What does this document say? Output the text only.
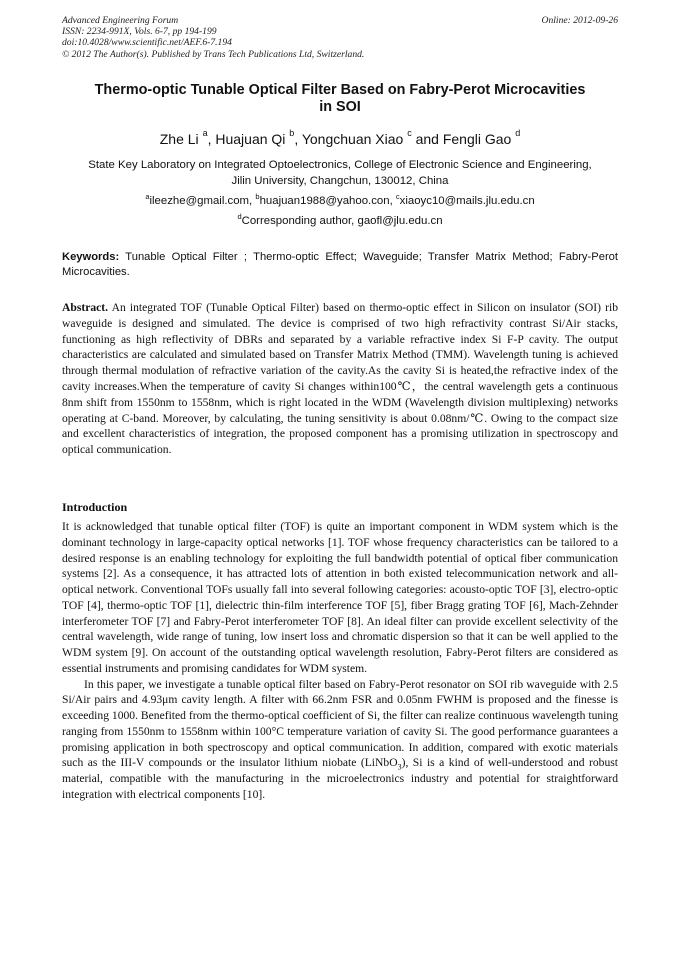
Advanced Engineering Forum
ISSN: 2234-991X, Vols. 6-7, pp 194-199
doi:10.4028/www.scientific.net/AEF.6-7.194
© 2012 The Author(s). Published by Trans Tech Publications Ltd, Switzerland.
Online: 2012-09-26
Thermo-optic Tunable Optical Filter Based on Fabry-Perot Microcavities
in SOI
Zhe Li $^a$, Huajuan Qi $^b$, Yongchuan Xiao $^c$ and Fengli Gao $^d$
State Key Laboratory on Integrated Optoelectronics, College of Electronic Science and Engineering,
Jilin University, Changchun, 130012, China
$^a$ileezhe@gmail.com, $^b$huajuan1988@yahoo.con, $^c$xiaoyc10@mails.jlu.edu.cn
$^d$Corresponding author, gaofl@jlu.edu.cn
Keywords: Tunable Optical Filter ; Thermo-optic Effect; Waveguide; Transfer Matrix Method; Fabry-Perot Microcavities.
Abstract. An integrated TOF (Tunable Optical Filter) based on thermo-optic effect in Silicon on insulator (SOI) rib waveguide is designed and simulated. The device is comprised of two high refractivity contrast Si/Air stacks, functioning as high reflectivity of DBRs and separated by a variable refractive index Si F-P cavity. The output characteristics are calculated and simulated based on Transfer Matrix Method (TMM). Wavelength tuning is achieved through thermal modulation of refractive variation of the cavity.As the cavity Si is heated,the refractive index of the cavity increases.When the temperature of cavity Si changes within100℃，the central wavelength gets a continuous 8nm shift from 1550nm to 1558nm, which is right located in the WDM (Wavelength division multiplexing) networks operating at C-band. Moreover, by calculating, the tuning sensitivity is about 0.08nm/℃. Owing to the compact size and excellent characteristics of integration, the proposed component has a promising utilization in spectroscopy and optical communication.
Introduction

It is acknowledged that tunable optical filter (TOF) is quite an important component in WDM system which is the dominant technology in large-capacity optical networks [1]. TOF whose frequency characteristics can be tailored to a desired response is an enabling technology for exploiting the full bandwidth potential of optical fiber communication systems [2]. As a consequence, it has attracted lots of attention in both existed telecommunication network and all-optical network. Conventional TOFs usually fall into several following categories: acousto-optic TOF [3], electro-optic TOF [4], thermo-optic TOF [1], dielectric thin-film interference TOF [5], fiber Bragg grating TOF [6], Mach-Zehnder interferometer TOF [7] and Fabry-Perot interferometer TOF [8]. An ideal filter can provide excellent selectivity of the central wavelength, wide range of tuning, low insert loss and chromatic dispersion so that it can be well applied to the WDM system [9]. On account of the outstanding optical wavelength resolution, Fabry-Perot filters are considered as essential instruments and promising candidates for WDM system.

In this paper, we investigate a tunable optical filter based on Fabry-Perot resonator on SOI rib waveguide with 2.5 Si/Air pairs and 4.93μm cavity length. A filter with 66.2nm FSR and 0.05nm FWHM is proposed and the finesse is exceeding 1000. Benefited from the thermo-optical coefficient of Si, the filter can realize continuous wavelength tuning ranging from 1550nm to 1558nm within 100°C temperature variation of cavity Si. The good performance guarantees a promising application in both spectroscopy and optical communication. In addition, compared with exotic materials such as the III-V compounds or the insulator lithium niobate (LiNbO$_3$), Si is a kind of well-understood and robust material, compatible with the manufacturing in the microelectronics industry and potential for straightforward integration with electrical components [10].
